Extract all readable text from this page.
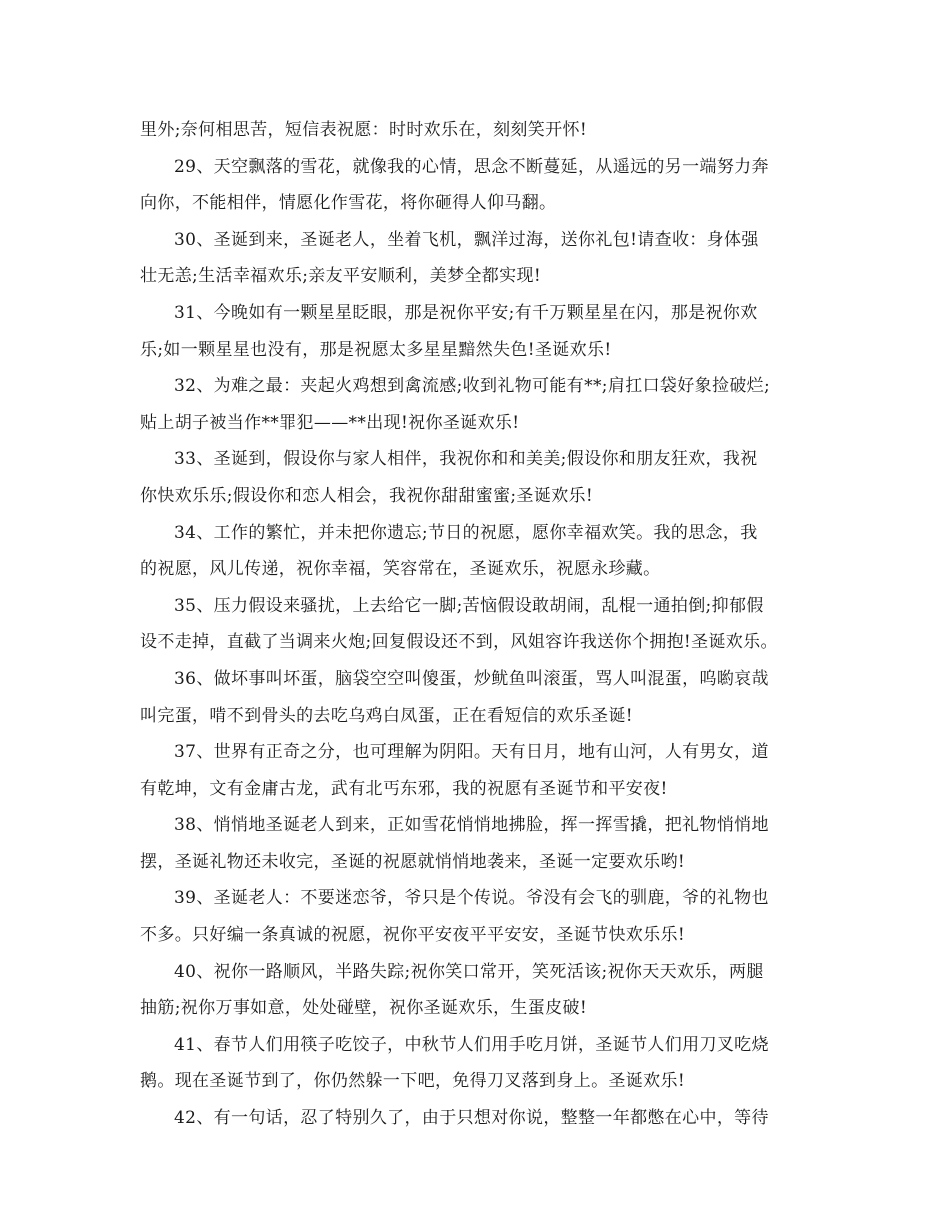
里外;奈何相思苦，短信表祝愿：时时欢乐在，刻刻笑开怀!
29、天空飘落的雪花，就像我的心情，思念不断蔓延，从遥远的另一端努力奔
向你，不能相伴，情愿化作雪花，将你砸得人仰马翻。
30、圣诞到来，圣诞老人，坐着飞机，飘洋过海，送你礼包!请查收：身体强
壮无恙;生活幸福欢乐;亲友平安顺利，美梦全都实现!
31、今晚如有一颗星星眨眼，那是祝你平安;有千万颗星星在闪，那是祝你欢
乐;如一颗星星也没有，那是祝愿太多星星黯然失色!圣诞欢乐!
32、为难之最：夹起火鸡想到禽流感;收到礼物可能有**;肩扛口袋好象捡破烂;
贴上胡子被当作**罪犯——**出现!祝你圣诞欢乐!
33、圣诞到，假设你与家人相伴，我祝你和和美美;假设你和朋友狂欢，我祝
你快欢乐乐;假设你和恋人相会，我祝你甜甜蜜蜜;圣诞欢乐!
34、工作的繁忙，并未把你遗忘;节日的祝愿，愿你幸福欢笑。我的思念，我
的祝愿，风儿传递，祝你幸福，笑容常在，圣诞欢乐，祝愿永珍藏。
35、压力假设来骚扰，上去给它一脚;苦恼假设敢胡闹，乱棍一通拍倒;抑郁假
设不走掉，直截了当调来火炮;回复假设还不到，风姐容许我送你个拥抱!圣诞欢乐。
36、做坏事叫坏蛋，脑袋空空叫傻蛋，炒鱿鱼叫滚蛋，骂人叫混蛋，呜喲哀哉
叫完蛋，啃不到骨头的去吃乌鸡白凤蛋，正在看短信的欢乐圣诞!
37、世界有正奇之分，也可理解为阴阳。天有日月，地有山河，人有男女，道
有乾坤，文有金庸古龙，武有北丐东邪，我的祝愿有圣诞节和平安夜!
38、悄悄地圣诞老人到来，正如雪花悄悄地拂脸，挥一挥雪撬，把礼物悄悄地
摆，圣诞礼物还未收完，圣诞的祝愿就悄悄地袭来，圣诞一定要欢乐哟!
39、圣诞老人：不要迷恋爷，爷只是个传说。爷没有会飞的驯鹿，爷的礼物也
不多。只好编一条真诚的祝愿，祝你平安夜平平安安，圣诞节快欢乐乐!
40、祝你一路顺风，半路失踪;祝你笑口常开，笑死活该;祝你天天欢乐，两腿
抽筋;祝你万事如意，处处碰壁，祝你圣诞欢乐，生蛋皮破!
41、春节人们用筷子吃饺子，中秋节人们用手吃月饼，圣诞节人们用刀叉吃烧
鹅。现在圣诞节到了，你仍然躲一下吧，免得刀叉落到身上。圣诞欢乐!
42、有一句话，忍了特别久了，由于只想对你说，整整一年都憋在心中，等待
